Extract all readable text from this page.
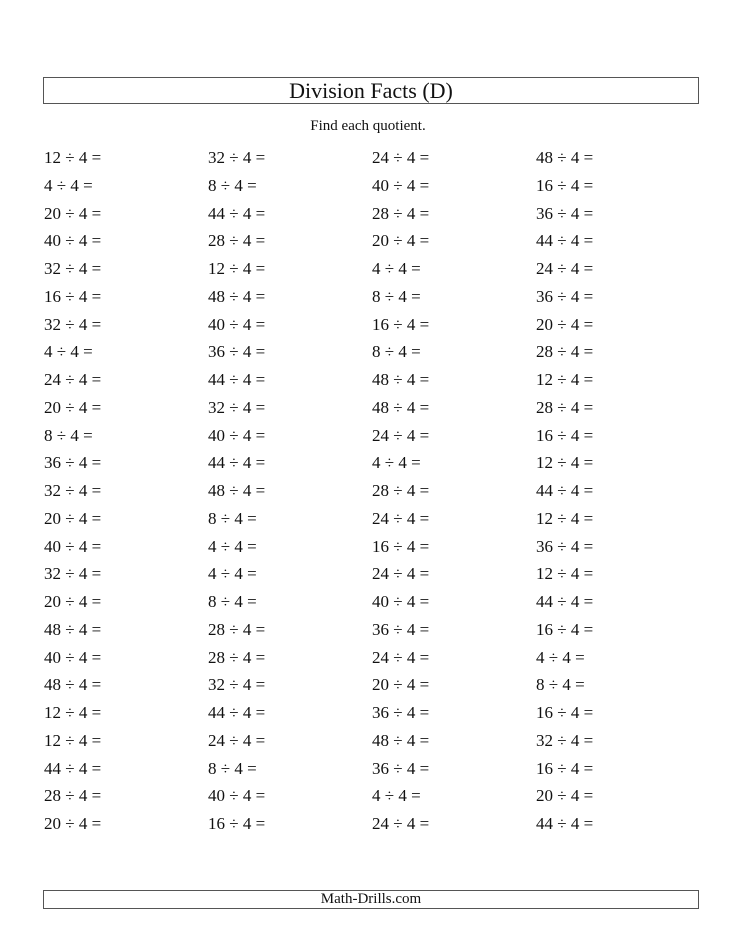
Division Facts (D)
Find each quotient.
12 ÷ 4 =	32 ÷ 4 =	24 ÷ 4 =	48 ÷ 4 =
4 ÷ 4 =	8 ÷ 4 =	40 ÷ 4 =	16 ÷ 4 =
20 ÷ 4 =	44 ÷ 4 =	28 ÷ 4 =	36 ÷ 4 =
40 ÷ 4 =	28 ÷ 4 =	20 ÷ 4 =	44 ÷ 4 =
32 ÷ 4 =	12 ÷ 4 =	4 ÷ 4 =	24 ÷ 4 =
16 ÷ 4 =	48 ÷ 4 =	8 ÷ 4 =	36 ÷ 4 =
32 ÷ 4 =	40 ÷ 4 =	16 ÷ 4 =	20 ÷ 4 =
4 ÷ 4 =	36 ÷ 4 =	8 ÷ 4 =	28 ÷ 4 =
24 ÷ 4 =	44 ÷ 4 =	48 ÷ 4 =	12 ÷ 4 =
20 ÷ 4 =	32 ÷ 4 =	48 ÷ 4 =	28 ÷ 4 =
8 ÷ 4 =	40 ÷ 4 =	24 ÷ 4 =	16 ÷ 4 =
36 ÷ 4 =	44 ÷ 4 =	4 ÷ 4 =	12 ÷ 4 =
32 ÷ 4 =	48 ÷ 4 =	28 ÷ 4 =	44 ÷ 4 =
20 ÷ 4 =	8 ÷ 4 =	24 ÷ 4 =	12 ÷ 4 =
40 ÷ 4 =	4 ÷ 4 =	16 ÷ 4 =	36 ÷ 4 =
32 ÷ 4 =	4 ÷ 4 =	24 ÷ 4 =	12 ÷ 4 =
20 ÷ 4 =	8 ÷ 4 =	40 ÷ 4 =	44 ÷ 4 =
48 ÷ 4 =	28 ÷ 4 =	36 ÷ 4 =	16 ÷ 4 =
40 ÷ 4 =	28 ÷ 4 =	24 ÷ 4 =	4 ÷ 4 =
48 ÷ 4 =	32 ÷ 4 =	20 ÷ 4 =	8 ÷ 4 =
12 ÷ 4 =	44 ÷ 4 =	36 ÷ 4 =	16 ÷ 4 =
12 ÷ 4 =	24 ÷ 4 =	48 ÷ 4 =	32 ÷ 4 =
44 ÷ 4 =	8 ÷ 4 =	36 ÷ 4 =	16 ÷ 4 =
28 ÷ 4 =	40 ÷ 4 =	4 ÷ 4 =	20 ÷ 4 =
20 ÷ 4 =	16 ÷ 4 =	24 ÷ 4 =	44 ÷ 4 =
Math-Drills.com
